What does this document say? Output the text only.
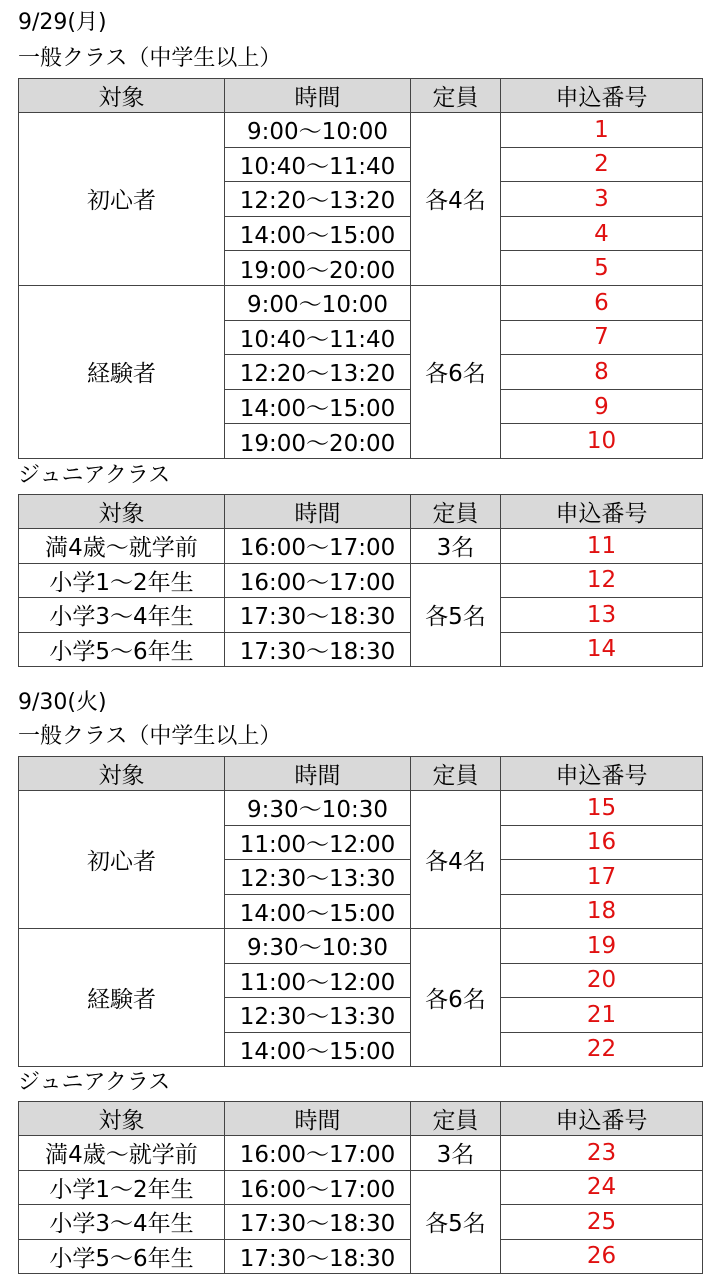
9/29(月)
一般クラス（中学生以上）
対象	時間	定員	申込番号
初心者	9:00〜10:00	各4名	1
	10:40〜11:40		2
	12:20〜13:20		3
	14:00〜15:00		4
	19:00〜20:00		5
経験者	9:00〜10:00	各6名	6
	10:40〜11:40		7
	12:20〜13:20		8
	14:00〜15:00		9
	19:00〜20:00		10
ジュニアクラス
対象	時間	定員	申込番号
満4歳〜就学前	16:00〜17:00	3名	11
小学1〜2年生	16:00〜17:00	各5名	12
小学3〜4年生	17:30〜18:30		13
小学5〜6年生	17:30〜18:30		14
9/30(火)
一般クラス（中学生以上）
対象	時間	定員	申込番号
初心者	9:30〜10:30	各4名	15
	11:00〜12:00		16
	12:30〜13:30		17
	14:00〜15:00		18
経験者	9:30〜10:30	各6名	19
	11:00〜12:00		20
	12:30〜13:30		21
	14:00〜15:00		22
ジュニアクラス
対象	時間	定員	申込番号
満4歳〜就学前	16:00〜17:00	3名	23
小学1〜2年生	16:00〜17:00	各5名	24
小学3〜4年生	17:30〜18:30		25
小学5〜6年生	17:30〜18:30		26
